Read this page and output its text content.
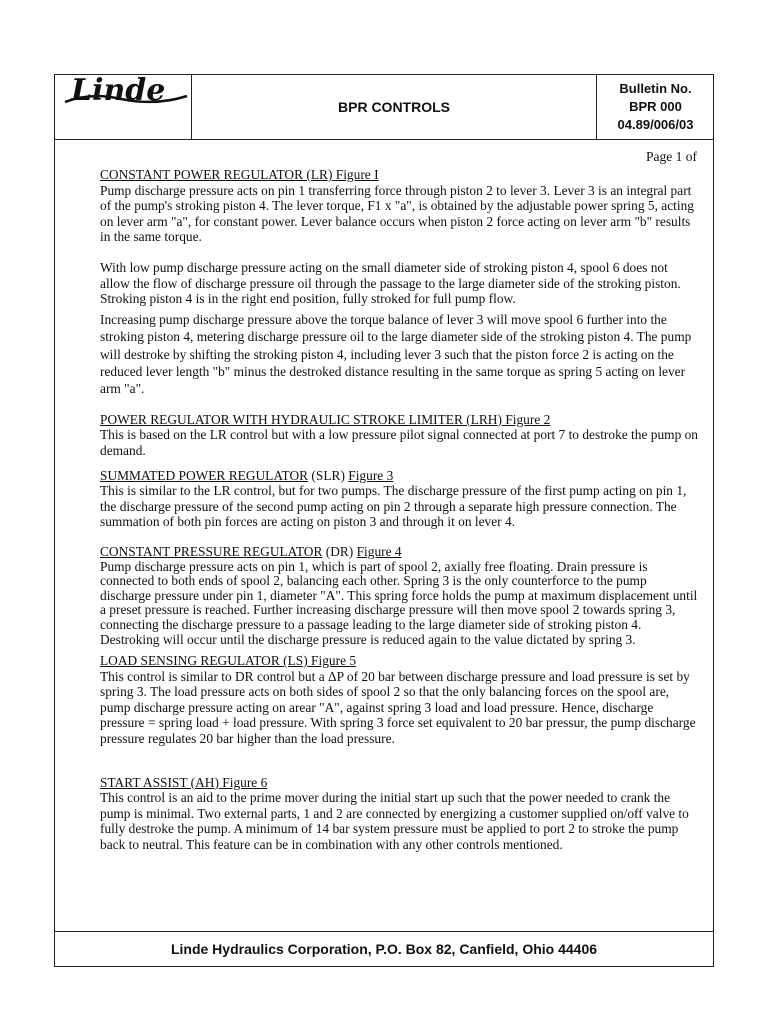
Linde	BPR CONTROLS
Bulletin No.
BPR 000
04.89/006/03
Page 1 of
CONSTANT POWER REGULATOR (LR) Figure I

Pump discharge pressure acts on pin 1 transferring force through piston 2 to lever 3. Lever 3 is an integral part of the pump's stroking piston 4. The lever torque, F1 x "a", is obtained by the adjustable power spring 5, acting on lever arm "a", for constant power. Lever balance occurs when piston 2 force acting on lever arm "b" results in the same torque.

With low pump discharge pressure acting on the small diameter side of stroking piston 4, spool 6 does not allow the flow of discharge pressure oil through the passage to the large diameter side of the stroking piston. Stroking piston 4 is in the right end position, fully stroked for full pump flow.

Increasing pump discharge pressure above the torque balance of lever 3 will move spool 6 further into the stroking piston 4, metering discharge pressure oil to the large diameter side of the stroking piston 4. The pump will destroke by shifting the stroking piston 4, including lever 3 such that the piston force 2 is acting on the reduced lever length "b" minus the destroked distance resulting in the same torque as spring 5 acting on lever arm "a".

POWER REGULATOR WITH HYDRAULIC STROKE LIMITER (LRH) Figure 2

This is based on the LR control but with a low pressure pilot signal connected at port 7 to destroke the pump on demand.

SUMMATED POWER REGULATOR (SLR) Figure 3

This is similar to the LR control, but for two pumps. The discharge pressure of the first pump acting on pin 1, the discharge pressure of the second pump acting on pin 2 through a separate high pressure connection. The summation of both pin forces are acting on piston 3 and through it on lever 4.

CONSTANT PRESSURE REGULATOR (DR) Figure 4

Pump discharge pressure acts on pin 1, which is part of spool 2, axially free floating. Drain pressure is connected to both ends of spool 2, balancing each other. Spring 3 is the only counterforce to the pump discharge pressure under pin 1, diameter "A". This spring force holds the pump at maximum displacement until a preset pressure is reached. Further increasing discharge pressure will then move spool 2 towards spring 3, connecting the discharge pressure to a passage leading to the large diameter side of stroking piston 4. Destroking will occur until the discharge pressure is reduced again to the value dictated by spring 3.

LOAD SENSING REGULATOR (LS) Figure 5

This control is similar to DR control but a ΔP of 20 bar between discharge pressure and load pressure is set by spring 3. The load pressure acts on both sides of spool 2 so that the only balancing forces on the spool are, pump discharge pressure acting on arear "A", against spring 3 load and load pressure. Hence, discharge pressure = spring load + load pressure. With spring 3 force set equivalent to 20 bar pressur, the pump discharge pressure regulates 20 bar higher than the load pressure.

START ASSIST (AH) Figure 6

This control is an aid to the prime mover during the initial start up such that the power needed to crank the pump is minimal. Two external parts, 1 and 2 are connected by energizing a customer supplied on/off valve to fully destroke the pump. A minimum of 14 bar system pressure must be applied to port 2 to stroke the pump back to neutral. This feature can be in combination with any other controls mentioned.

Linde Hydraulics Corporation, P.O. Box 82, Canfield, Ohio 44406
